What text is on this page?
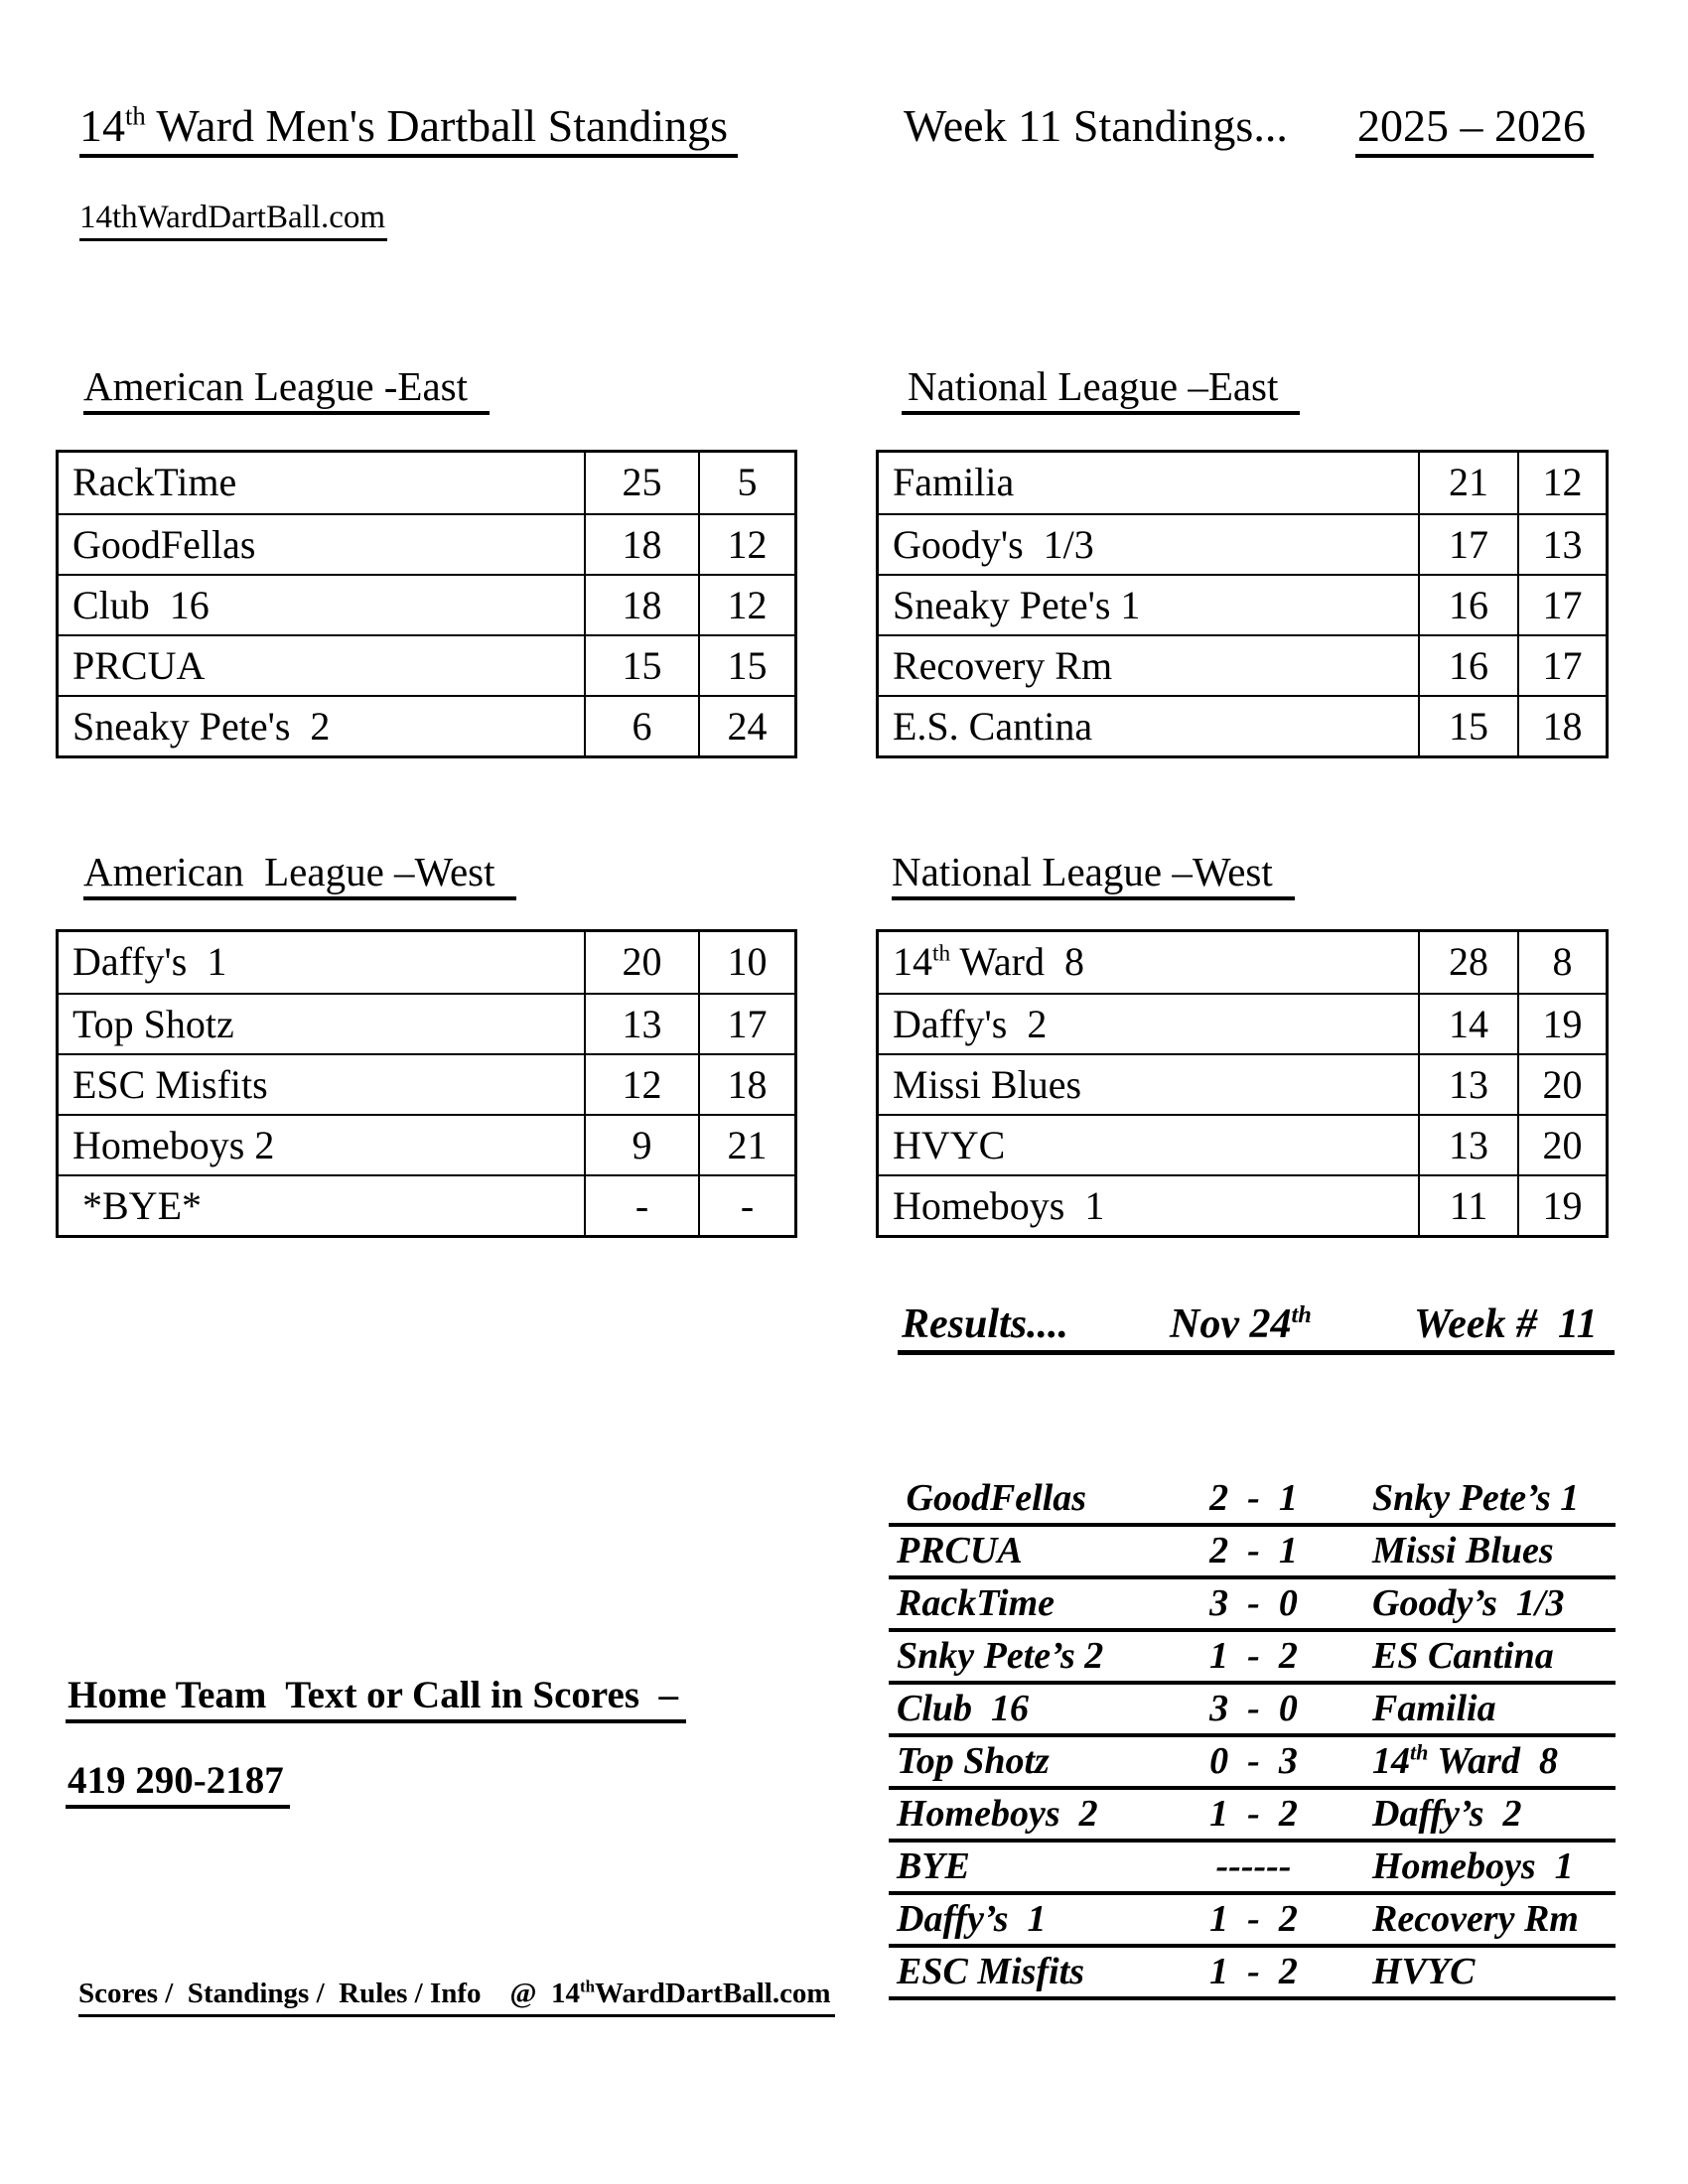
14th Ward Men's Dartball Standings	Week 11 Standings... 2025 – 2026
14thWardDartBall.com
American League -East	National League –East
American  League –West	National League –West
RackTime	25	5
GoodFellas	18	12
Club  16	18	12
PRCUA	15	15
Sneaky Pete's  2	6	24
Familia	21	12
Goody's  1/3	17	13
Sneaky Pete's 1	16	17
Recovery Rm	16	17
E.S. Cantina	15	18
Daffy's  1	20	10
Top Shotz	13	17
ESC Misfits	12	18
Homeboys 2	9	21
*BYE*	-	-
14th Ward  8	28	8
Daffy's  2	14	19
Missi Blues	13	20
HVYC	13	20
Homeboys  1	11	19
Results.... Nov 24th Week #  11
GoodFellas	2  -  1	Snky Pete’s 1
PRCUA	2  -  1	Missi Blues
RackTime	3  -  0	Goody’s  1/3
Snky Pete’s 2	1  -  2	ES Cantina
Club  16	3  -  0	Familia
Top Shotz	0  -  3	14th Ward  8
Homeboys  2	1  -  2	Daffy’s  2
BYE	------	Homeboys  1
Daffy’s  1	1  -  2	Recovery Rm
ESC Misfits	1  -  2	HVYC
Home Team  Text or Call in Scores  –
419 290-2187
Scores /  Standings /  Rules / Info    @  14thWardDartBall.com
